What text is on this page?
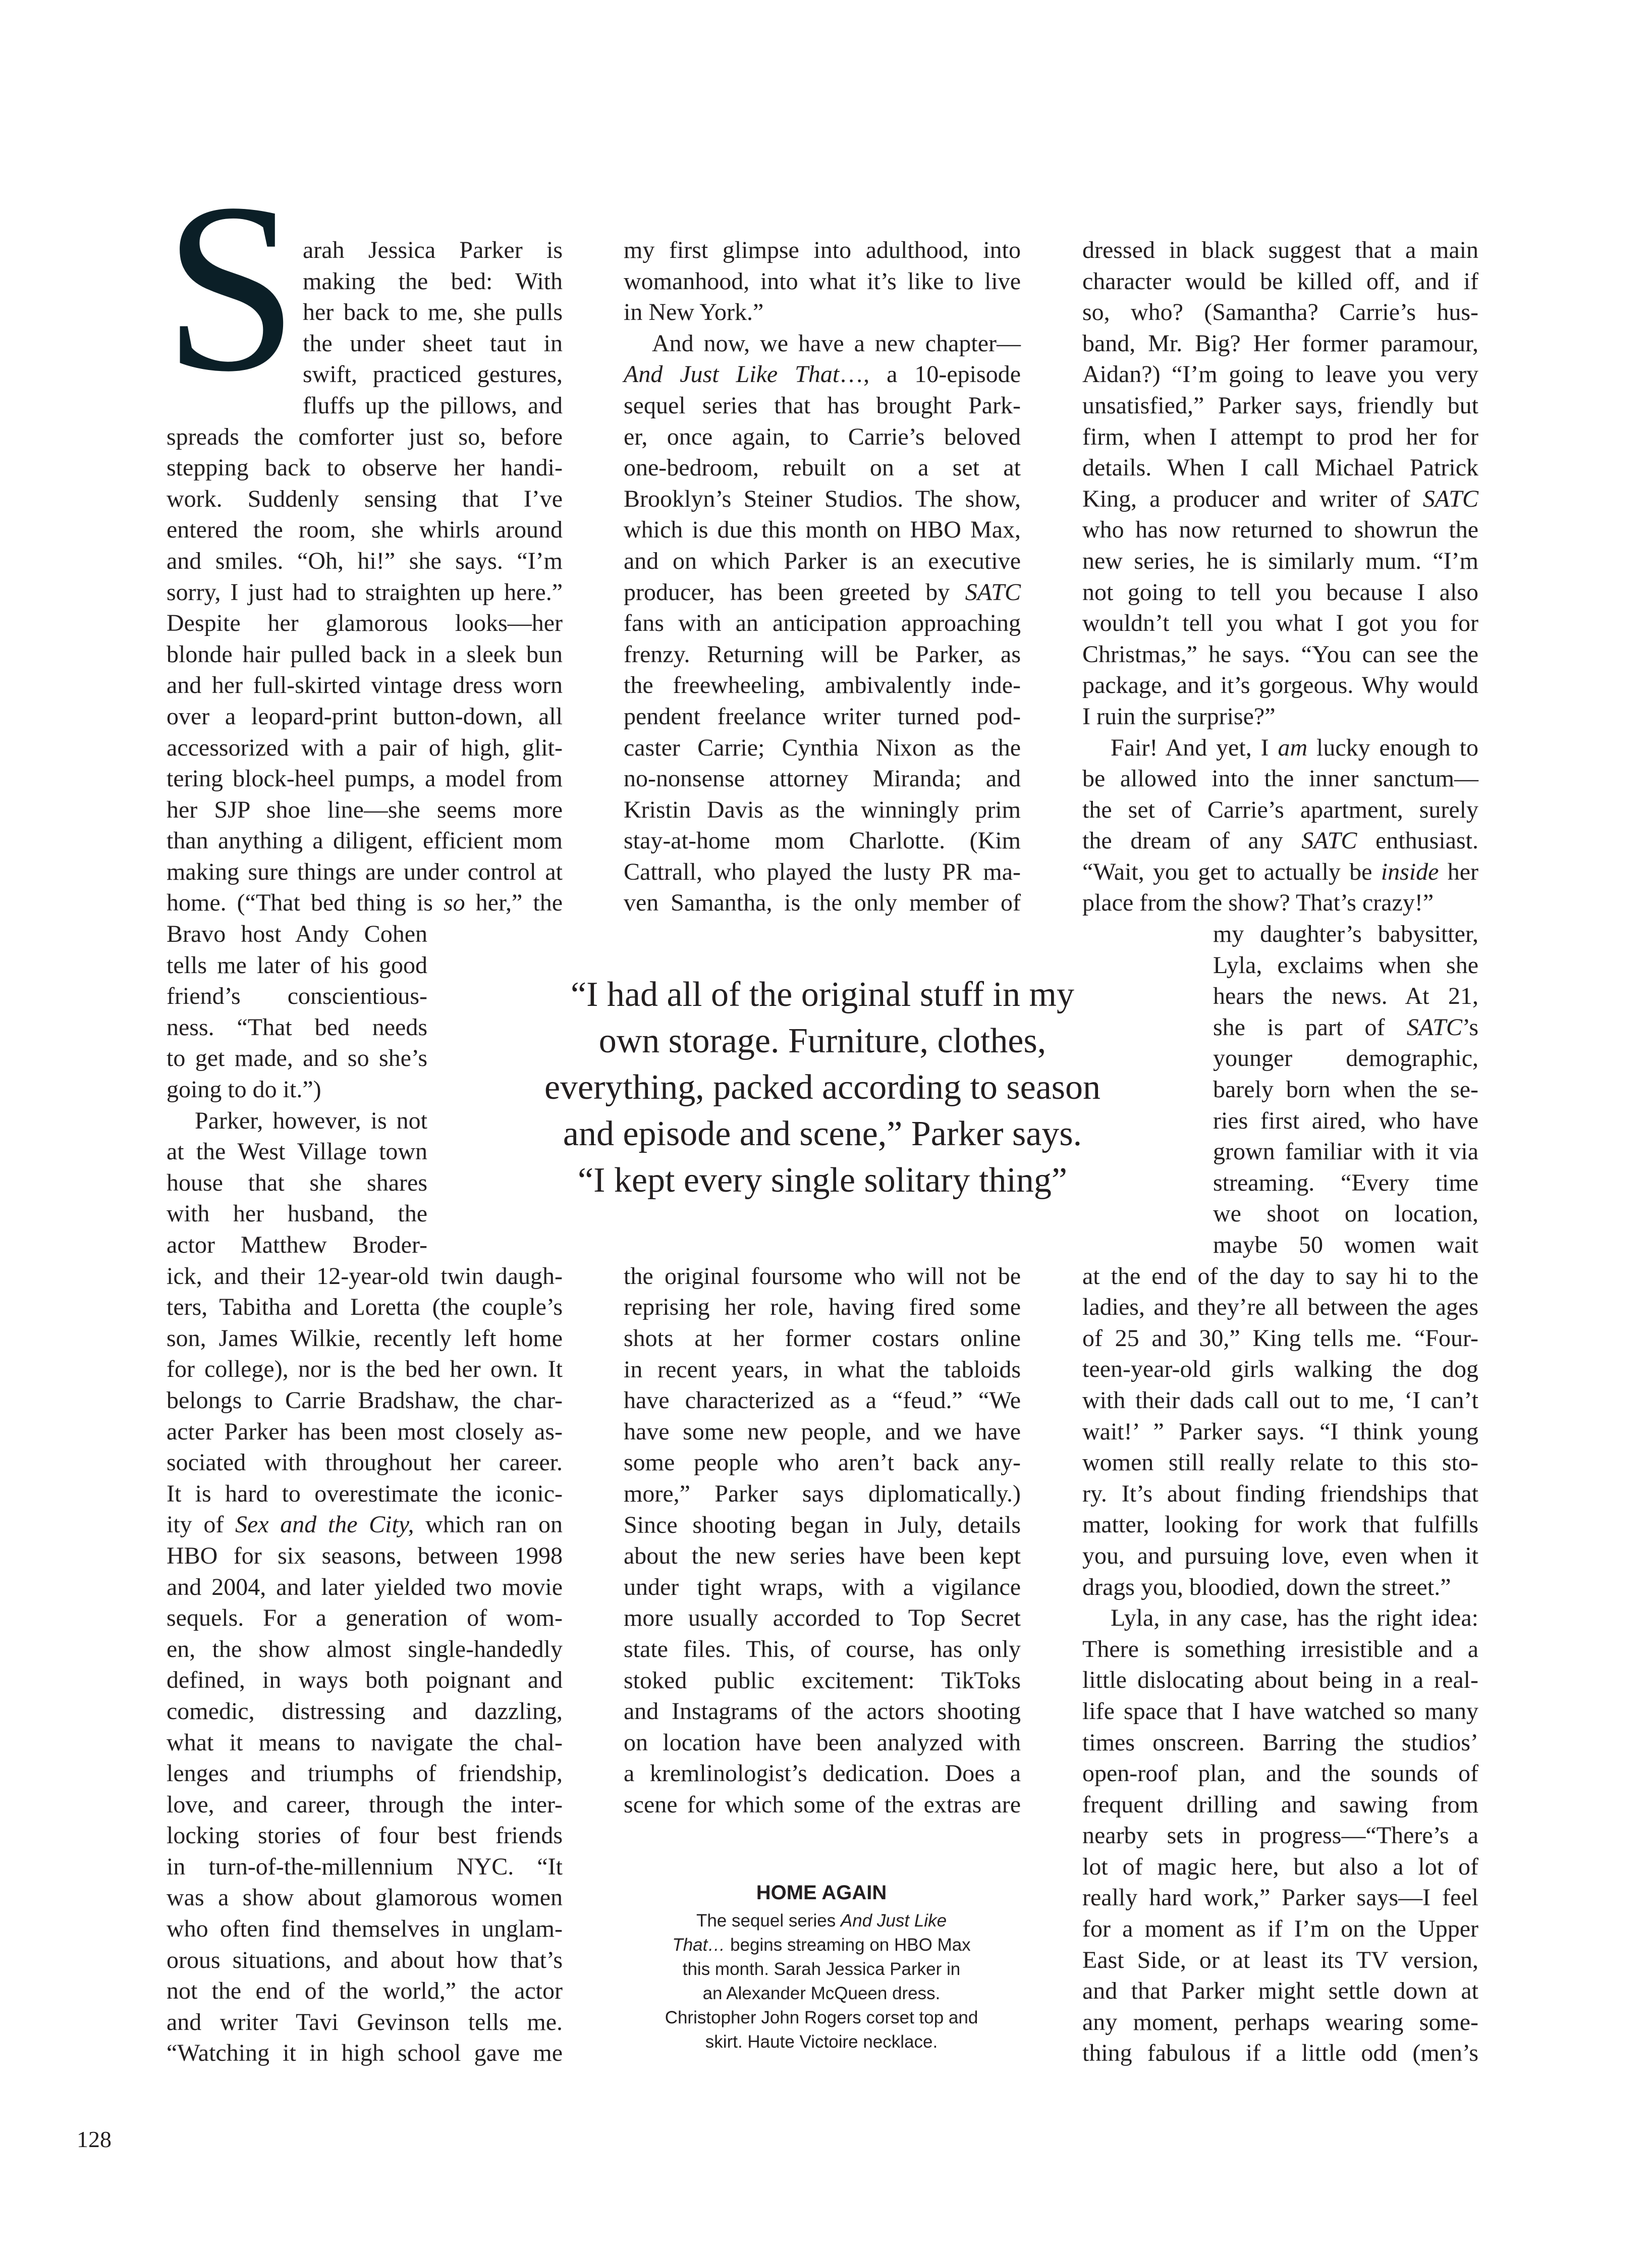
S arah Jessica Parker is
making the bed: With
her back to me, she pulls
the under sheet taut in
swift, practiced gestures,
fluffs up the pillows, and
spreads the comforter just so, before
stepping back to observe her handi-
work. Suddenly sensing that I’ve
entered the room, she whirls around
and smiles. “Oh, hi!” she says. “I’m
sorry, I just had to straighten up here.”
Despite her glamorous looks—her
blonde hair pulled back in a sleek bun
and her full-skirted vintage dress worn
over a leopard-print button-down, all
accessorized with a pair of high, glit-
tering block-heel pumps, a model from
her SJP shoe line—she seems more
than anything a diligent, efficient mom
making sure things are under control at
home. (“That bed thing is so her,” the
Bravo host Andy Cohen
tells me later of his good
friend’s conscientious-
ness. “That bed needs
to get made, and so she’s
going to do it.”)
Parker, however, is not
at the West Village town
house that she shares
with her husband, the
actor Matthew Broder-
ick, and their 12-year-old twin daugh-
ters, Tabitha and Loretta (the couple’s
son, James Wilkie, recently left home
for college), nor is the bed her own. It
belongs to Carrie Bradshaw, the char-
acter Parker has been most closely as-
sociated with throughout her career.
It is hard to overestimate the iconic-
ity of Sex and the City, which ran on
HBO for six seasons, between 1998
and 2004, and later yielded two movie
sequels. For a generation of wom-
en, the show almost single-handedly
defined, in ways both poignant and
comedic, distressing and dazzling,
what it means to navigate the chal-
lenges and triumphs of friendship,
love, and career, through the inter-
locking stories of four best friends
in turn-of-the-millennium NYC. “It
was a show about glamorous women
who often find themselves in unglam-
orous situations, and about how that’s
not the end of the world,” the actor
and writer Tavi Gevinson tells me.
“Watching it in high school gave me
my first glimpse into adulthood, into
womanhood, into what it’s like to live
in New York.”
And now, we have a new chapter—
And Just Like That…, a 10-episode
sequel series that has brought Park-
er, once again, to Carrie’s beloved
one-bedroom, rebuilt on a set at
Brooklyn’s Steiner Studios. The show,
which is due this month on HBO Max,
and on which Parker is an executive
producer, has been greeted by SATC
fans with an anticipation approaching
frenzy. Returning will be Parker, as
the freewheeling, ambivalently inde-
pendent freelance writer turned pod-
caster Carrie; Cynthia Nixon as the
no-nonsense attorney Miranda; and
Kristin Davis as the winningly prim
stay-at-home mom Charlotte. (Kim
Cattrall, who played the lusty PR ma-
ven Samantha, is the only member of
the original foursome who will not be
reprising her role, having fired some
shots at her former costars online
in recent years, in what the tabloids
have characterized as a “feud.” “We
have some new people, and we have
some people who aren’t back any-
more,” Parker says diplomatically.)
Since shooting began in July, details
about the new series have been kept
under tight wraps, with a vigilance
more usually accorded to Top Secret
state files. This, of course, has only
stoked public excitement: TikToks
and Instagrams of the actors shooting
on location have been analyzed with
a kremlinologist’s dedication. Does a
scene for which some of the extras are
dressed in black suggest that a main
character would be killed off, and if
so, who? (Samantha? Carrie’s hus-
band, Mr. Big? Her former paramour,
Aidan?) “I’m going to leave you very
unsatisfied,” Parker says, friendly but
firm, when I attempt to prod her for
details. When I call Michael Patrick
King, a producer and writer of SATC
who has now returned to showrun the
new series, he is similarly mum. “I’m
not going to tell you because I also
wouldn’t tell you what I got you for
Christmas,” he says. “You can see the
package, and it’s gorgeous. Why would
I ruin the surprise?”
Fair! And yet, I am lucky enough to
be allowed into the inner sanctum—
the set of Carrie’s apartment, surely
the dream of any SATC enthusiast.
“Wait, you get to actually be inside her
place from the show? That’s crazy!”
my daughter’s babysitter,
Lyla, exclaims when she
hears the news. At 21,
she is part of SATC’s
younger demographic,
barely born when the se-
ries first aired, who have
grown familiar with it via
streaming. “Every time
we shoot on location,
maybe 50 women wait
at the end of the day to say hi to the
ladies, and they’re all between the ages
of 25 and 30,” King tells me. “Four-
teen-year-old girls walking the dog
with their dads call out to me, ‘I can’t
wait!’ ” Parker says. “I think young
women still really relate to this sto-
ry. It’s about finding friendships that
matter, looking for work that fulfills
you, and pursuing love, even when it
drags you, bloodied, down the street.”
Lyla, in any case, has the right idea:
There is something irresistible and a
little dislocating about being in a real-
life space that I have watched so many
times onscreen. Barring the studios’
open-roof plan, and the sounds of
frequent drilling and sawing from
nearby sets in progress—“There’s a
lot of magic here, but also a lot of
really hard work,” Parker says—I feel
for a moment as if I’m on the Upper
East Side, or at least its TV version,
and that Parker might settle down at
any moment, perhaps wearing some-
thing fabulous if a little odd (men’s
“I had all of the original stuff in my
own storage. Furniture, clothes,
everything, packed according to season
and episode and scene,” Parker says.
“I kept every single solitary thing”
HOME AGAIN
The sequel series And Just Like
That… begins streaming on HBO Max
this month. Sarah Jessica Parker in
an Alexander McQueen dress.
Christopher John Rogers corset top and
skirt. Haute Victoire necklace.
128
